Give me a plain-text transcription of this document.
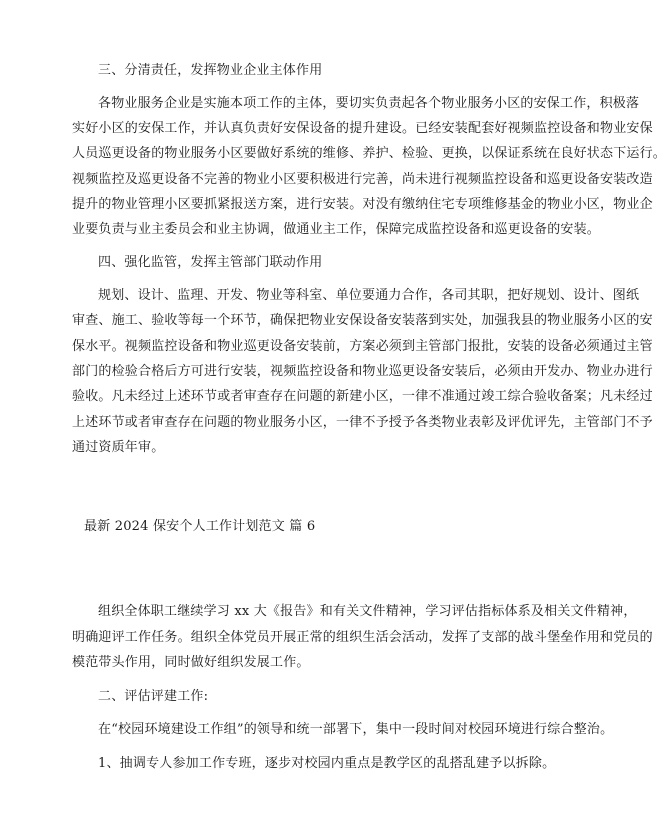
三、分清责任，发挥物业企业主体作用
各物业服务企业是实施本项工作的主体，要切实负责起各个物业服务小区的安保工作，积极落
实好小区的安保工作，并认真负责好安保设备的提升建设。已经安装配套好视频监控设备和物业安保
人员巡更设备的物业服务小区要做好系统的维修、养护、检验、更换，以保证系统在良好状态下运行。
视频监控及巡更设备不完善的物业小区要积极进行完善，尚未进行视频监控设备和巡更设备安装改造
提升的物业管理小区要抓紧报送方案，进行安装。对没有缴纳住宅专项维修基金的物业小区，物业企
业要负责与业主委员会和业主协调，做通业主工作，保障完成监控设备和巡更设备的安装。
四、强化监管，发挥主管部门联动作用
规划、设计、监理、开发、物业等科室、单位要通力合作，各司其职，把好规划、设计、图纸
审查、施工、验收等每一个环节，确保把物业安保设备安装落到实处，加强我县的物业服务小区的安
保水平。视频监控设备和物业巡更设备安装前，方案必须到主管部门报批，安装的设备必须通过主管
部门的检验合格后方可进行安装，视频监控设备和物业巡更设备安装后，必须由开发办、物业办进行
验收。凡未经过上述环节或者审查存在问题的新建小区，一律不准通过竣工综合验收备案；凡未经过
上述环节或者审查存在问题的物业服务小区，一律不予授予各类物业表彰及评优评先，主管部门不予
通过资质年审。
最新 2024 保安个人工作计划范文 篇 6
组织全体职工继续学习 xx 大《报告》和有关文件精神，学习评估指标体系及相关文件精神，
明确迎评工作任务。组织全体党员开展正常的组织生活会活动，发挥了支部的战斗堡垒作用和党员的
模范带头作用，同时做好组织发展工作。
二、评估评建工作:
在“校园环境建设工作组”的领导和统一部署下，集中一段时间对校园环境进行综合整治。
1、抽调专人参加工作专班，逐步对校园内重点是教学区的乱搭乱建予以拆除。
